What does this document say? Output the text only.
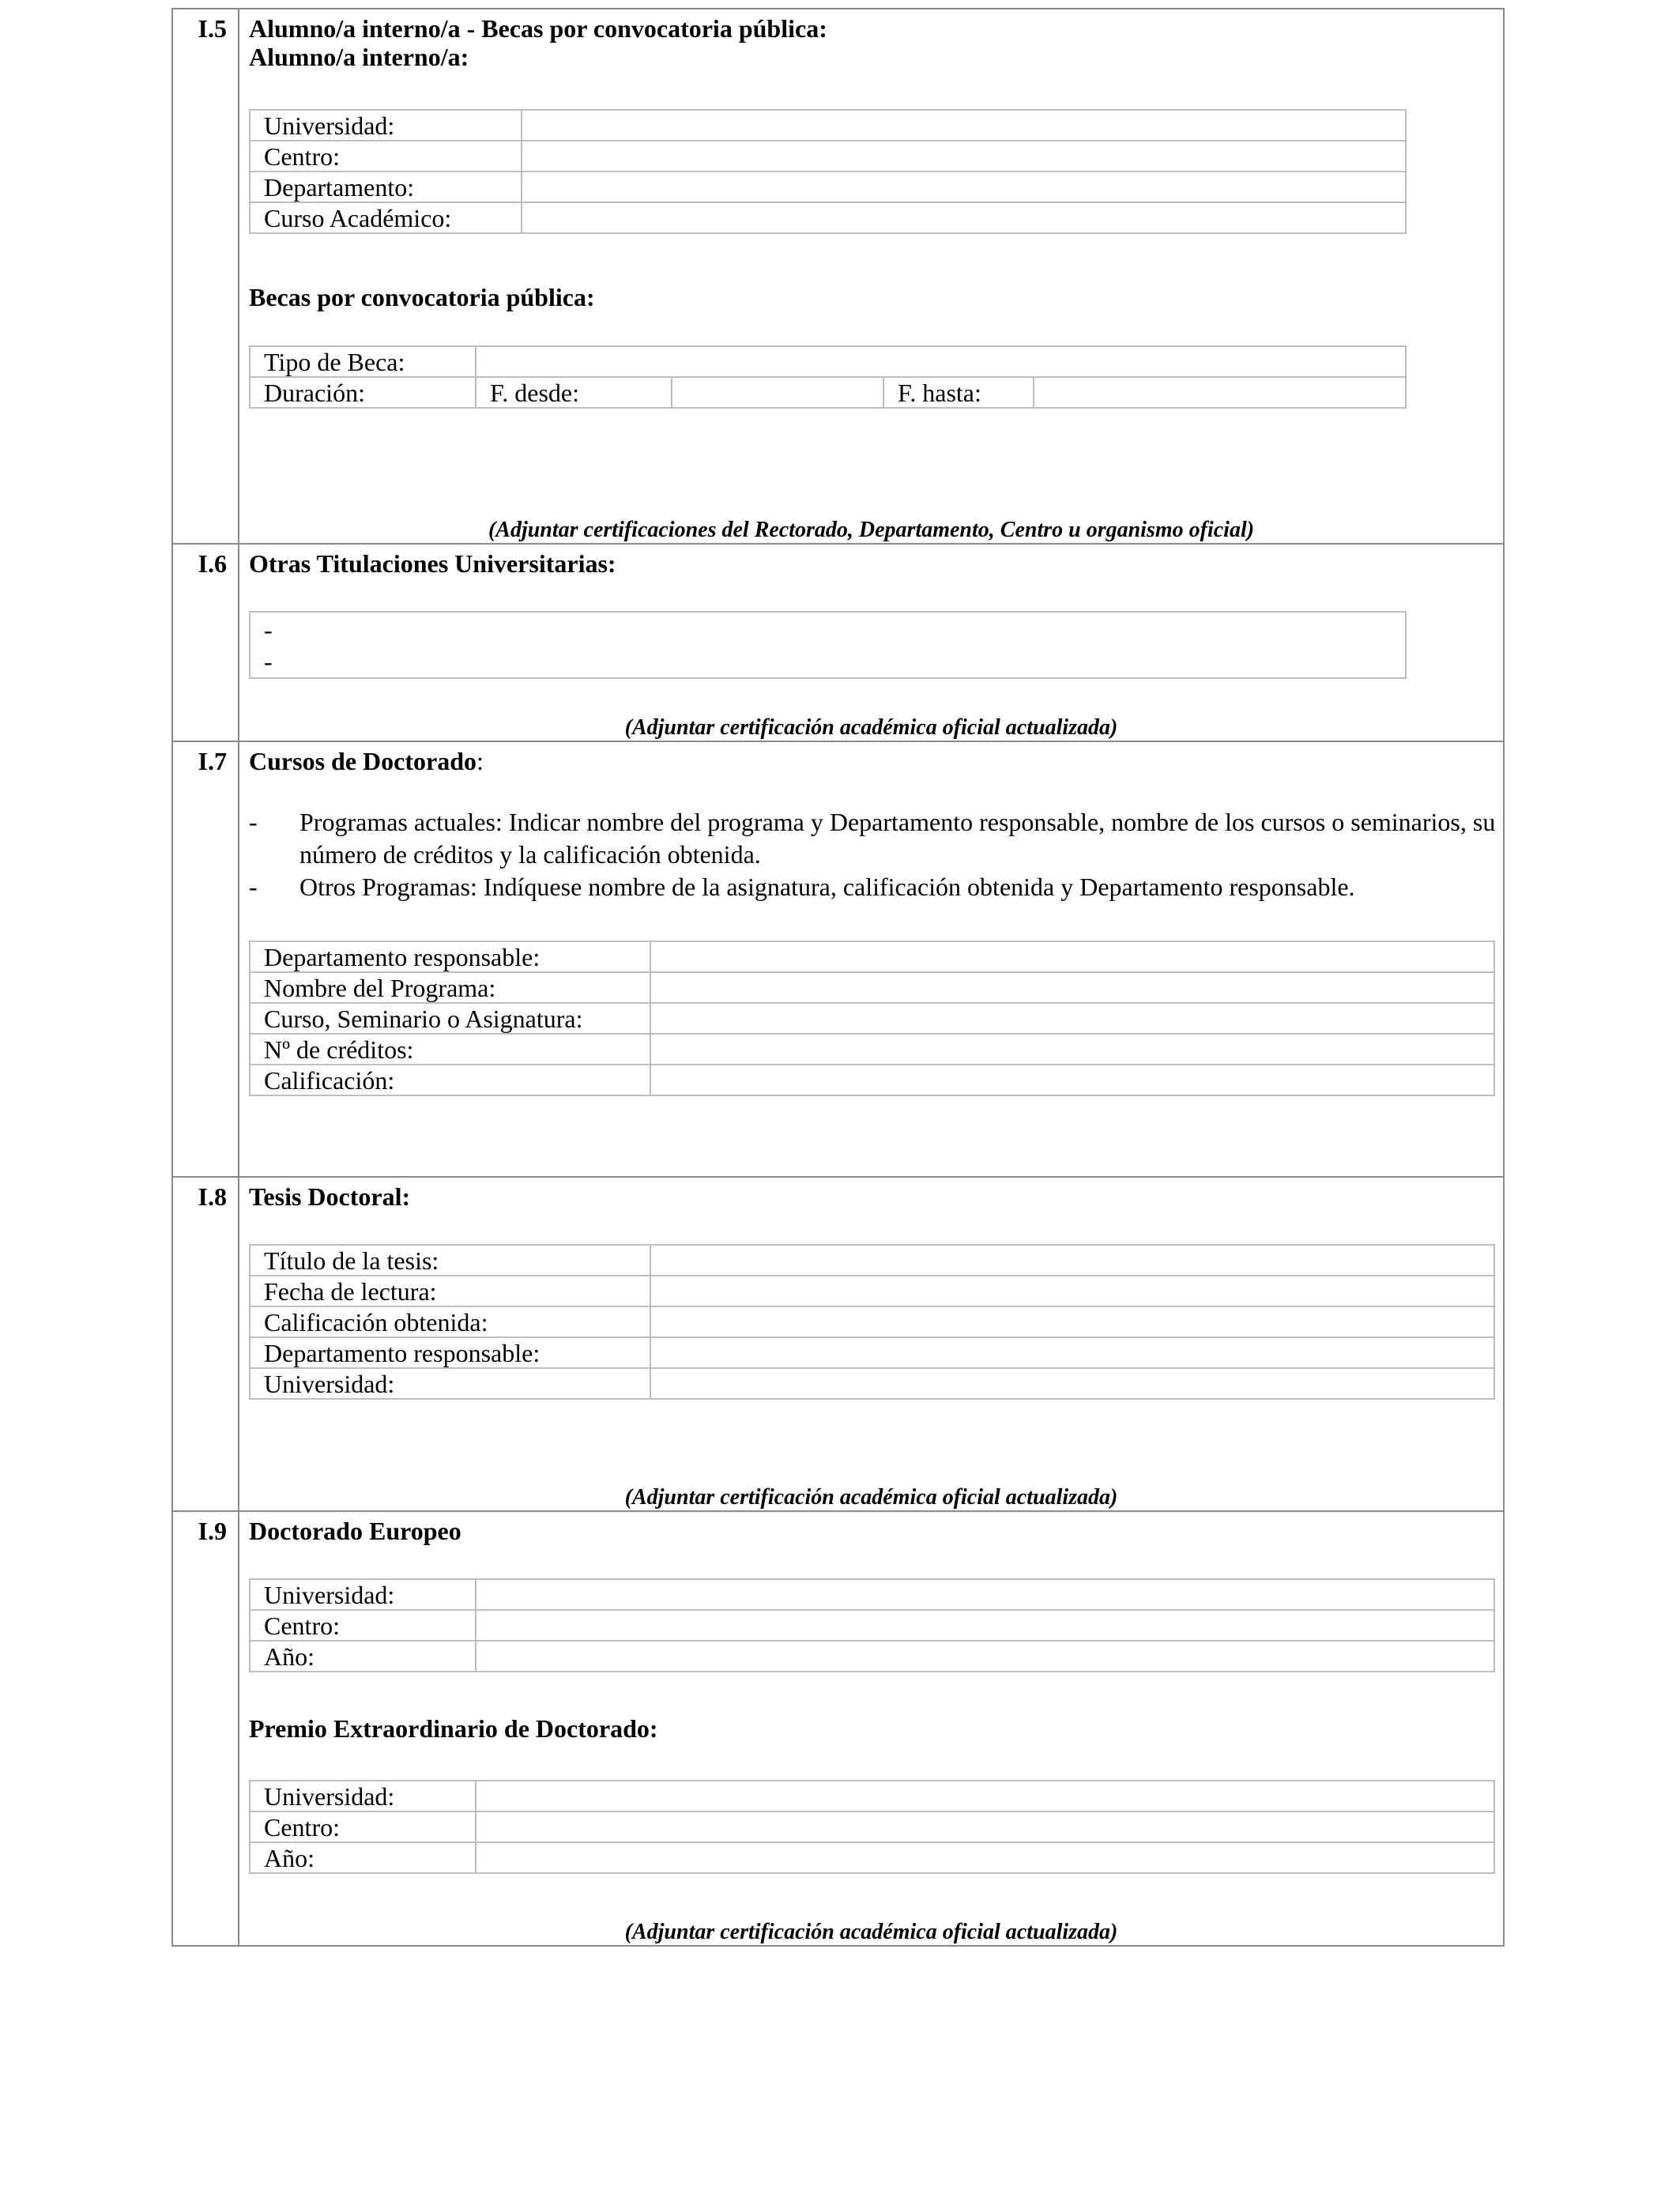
I.5 Alumno/a interno/a - Becas por convocatoria pública:

Alumno/a interno/a:

Universidad:	
Centro:	
Departamento:	
Curso Académico:	

Becas por convocatoria pública:

Tipo de Beca:				
Duración:	F. desde:		F. hasta:	
(Adjuntar certificaciones del Rectorado, Departamento, Centro u organismo oficial)
I.6 Otras Titulaciones Universitarias:

-
-
(Adjuntar certificación académica oficial actualizada)
I.7 Cursos de Doctorado:

- Programas actuales: Indicar nombre del programa y Departamento responsable, nombre de los cursos o seminarios, su número de créditos y la calificación obtenida.
- Otros Programas: Indíquese nombre de la asignatura, calificación obtenida y Departamento responsable.
Departamento responsable:	
Nombre del Programa:	
Curso, Seminario o Asignatura:	
Nº de créditos:	
Calificación:	
I.8 Tesis Doctoral:

Título de la tesis:	
Fecha de lectura:	
Calificación obtenida:	
Departamento responsable:	
Universidad:	
(Adjuntar certificación académica oficial actualizada)
I.9 Doctorado Europeo

Universidad:	
Centro:	
Año:	

Premio Extraordinario de Doctorado:

Universidad:	
Centro:	
Año:	
(Adjuntar certificación académica oficial actualizada)
